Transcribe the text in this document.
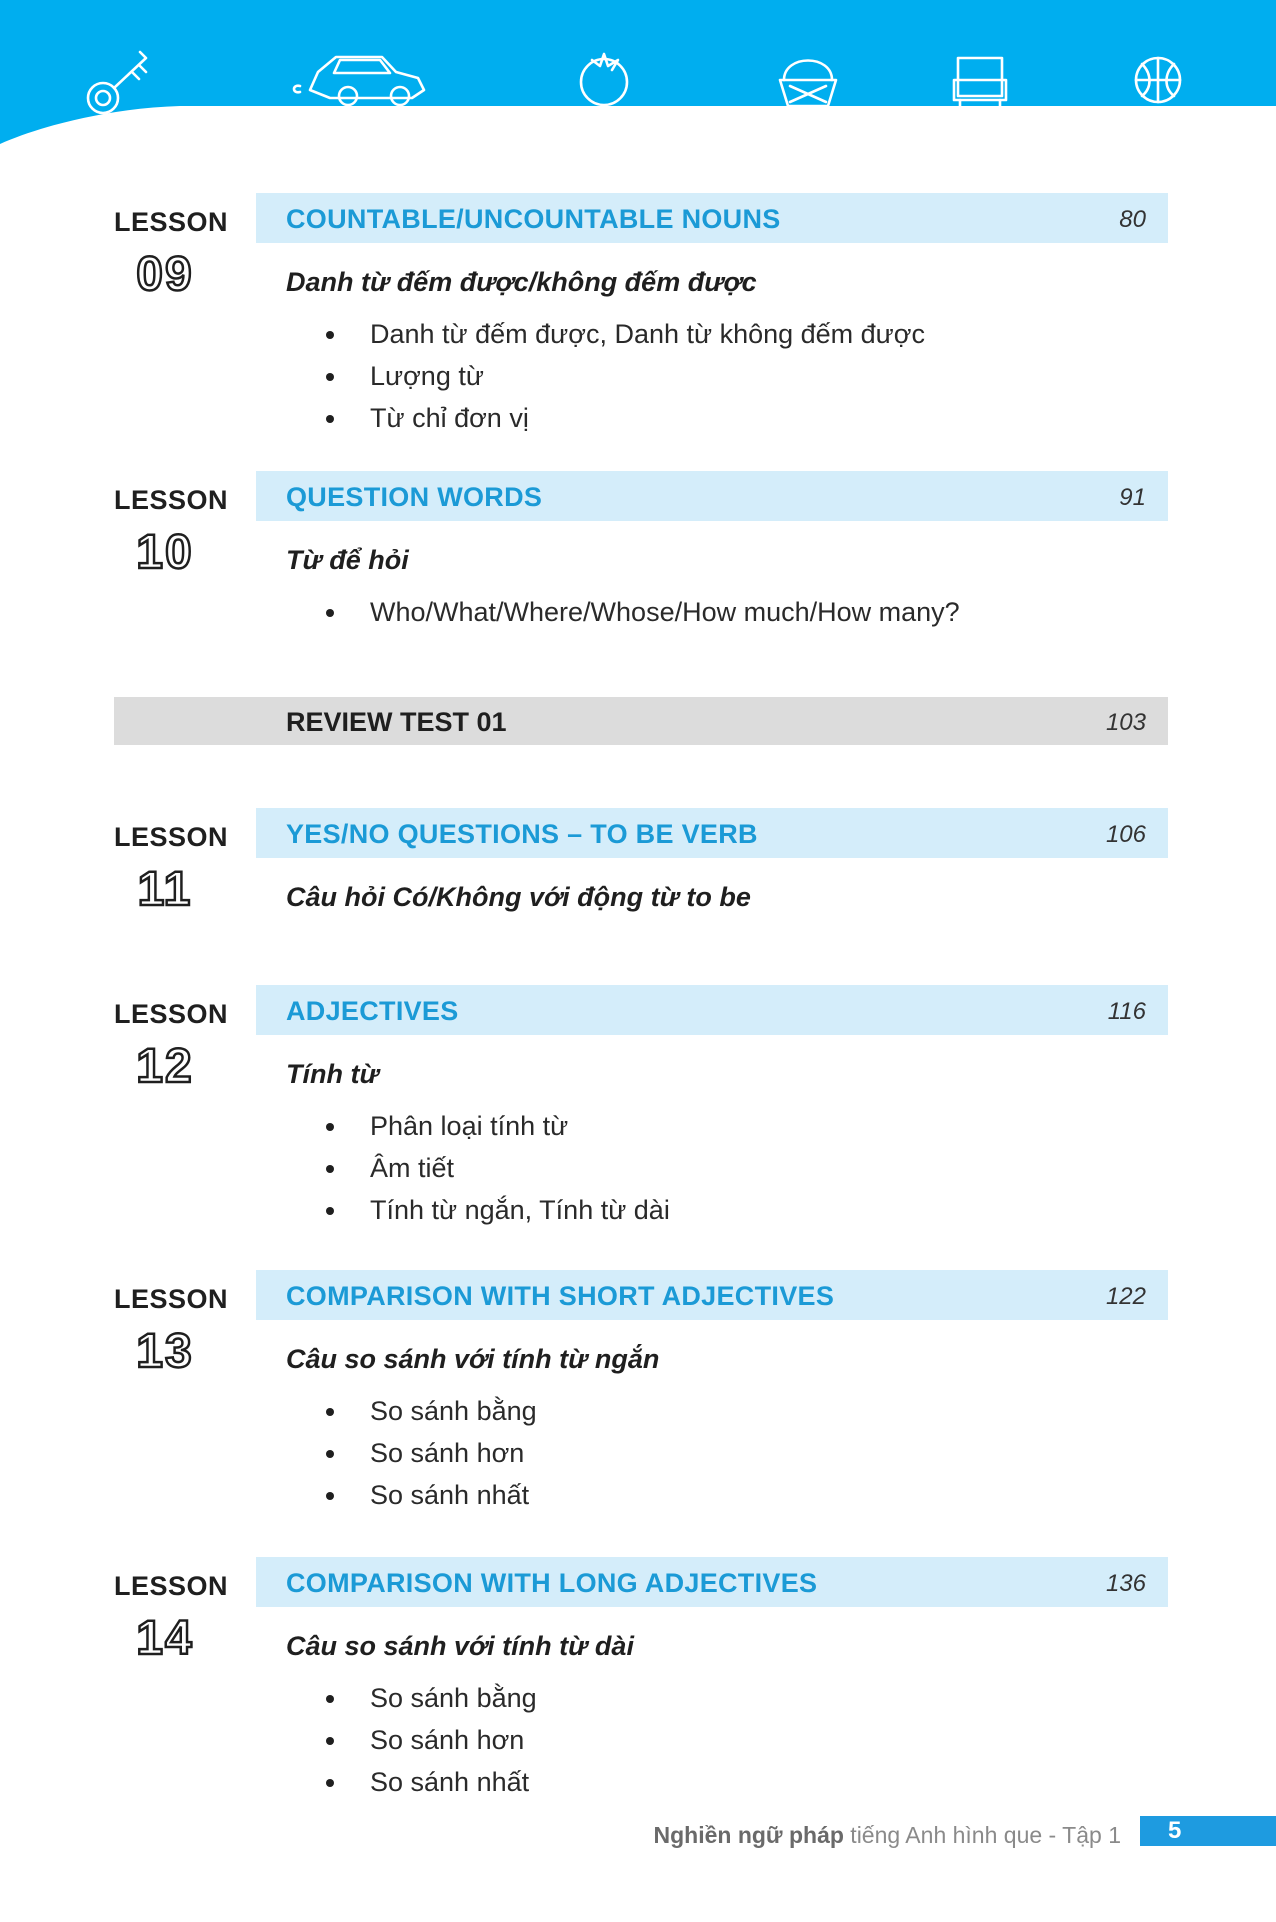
LESSON
09
COUNTABLE/UNCOUNTABLE NOUNS	80
Danh từ đếm được/không đếm được
Danh từ đếm được, Danh từ không đếm được
Lượng từ
Từ chỉ đơn vị
LESSON
10
QUESTION WORDS	91
Từ để hỏi
Who/What/Where/Whose/How much/How many?
REVIEW TEST 01	103
LESSON
11
YES/NO QUESTIONS – TO BE VERB	106
Câu hỏi Có/Không với động từ to be
LESSON
12
ADJECTIVES	116
Tính từ
Phân loại tính từ
Âm tiết
Tính từ ngắn, Tính từ dài
LESSON
13
COMPARISON WITH SHORT ADJECTIVES	122
Câu so sánh với tính từ ngắn
So sánh bằng
So sánh hơn
So sánh nhất
LESSON
14
COMPARISON WITH LONG ADJECTIVES	136
Câu so sánh với tính từ dài
So sánh bằng
So sánh hơn
So sánh nhất
Nghiền ngữ pháp tiếng Anh hình que - Tập 1 5
